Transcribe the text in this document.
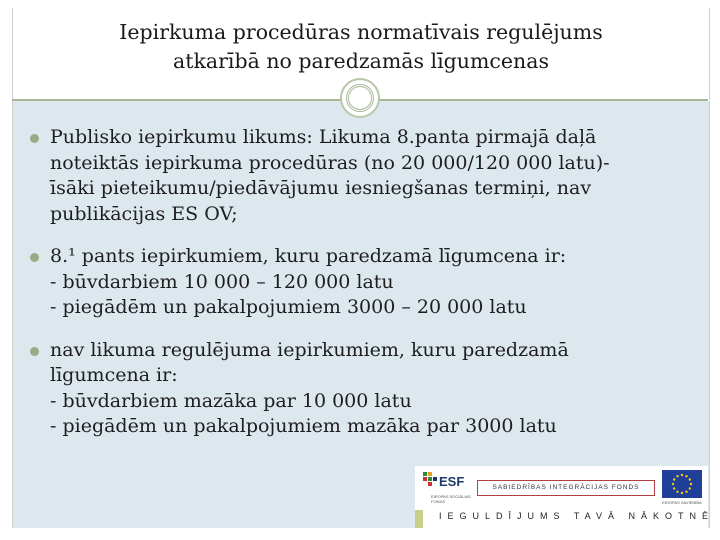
Iepirkuma procedūras normatīvais regulējums
atkarībā no paredzamās līgumcenas
Publisko iepirkumu likums: Likuma 8.panta pirmajā daļā
noteiktās iepirkuma procedūras (no 20 000/120 000 latu)-
īsāki pieteikumu/piedāvājumu iesniegšanas termiņi, nav
publikācijas ES OV;
8.¹ pants iepirkumiem, kuru paredzamā līgumcena ir:
- būvdarbiem 10 000 – 120 000 latu
- piegādēm un pakalpojumiem 3000 – 20 000 latu
nav likuma regulējuma iepirkumiem, kuru paredzamā
līgumcena ir:
- būvdarbiem mazāka par 10 000 latu
- piegādēm un pakalpojumiem mazāka par 3000 latu
ESF
EIROPAS SOCIĀLAIS FONDS
SABIEDRĪBAS INTEGRĀCIJAS FONDS
EIROPAS SAVIENĪBA
IEGULDĪJUMS TAVĀ NĀKOTNĒ
